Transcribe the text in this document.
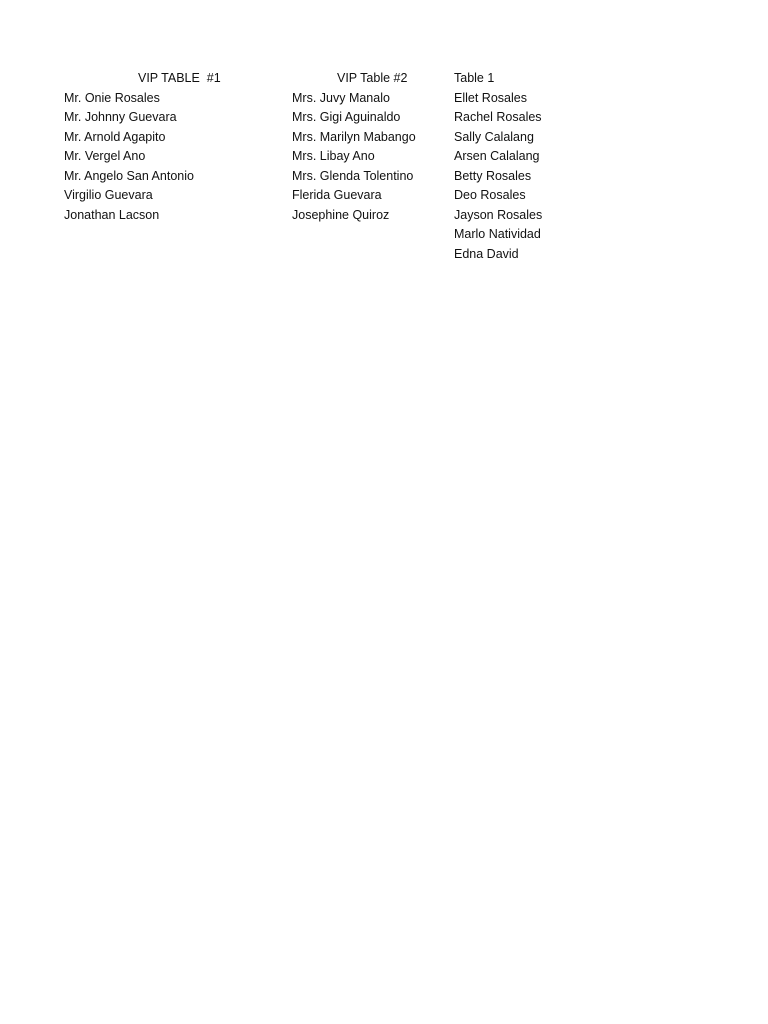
VIP TABLE  #1
Mr. Onie Rosales
Mr. Johnny Guevara
Mr. Arnold Agapito
Mr. Vergel Ano
Mr. Angelo San Antonio
Virgilio Guevara
Jonathan Lacson
VIP Table #2
Mrs. Juvy Manalo
Mrs. Gigi Aguinaldo
Mrs. Marilyn Mabango
Mrs. Libay Ano
Mrs. Glenda Tolentino
Flerida Guevara
Josephine Quiroz
Table 1
Ellet Rosales
Rachel Rosales
Sally Calalang
Arsen Calalang
Betty Rosales
Deo Rosales
Jayson Rosales
Marlo Natividad
Edna David
